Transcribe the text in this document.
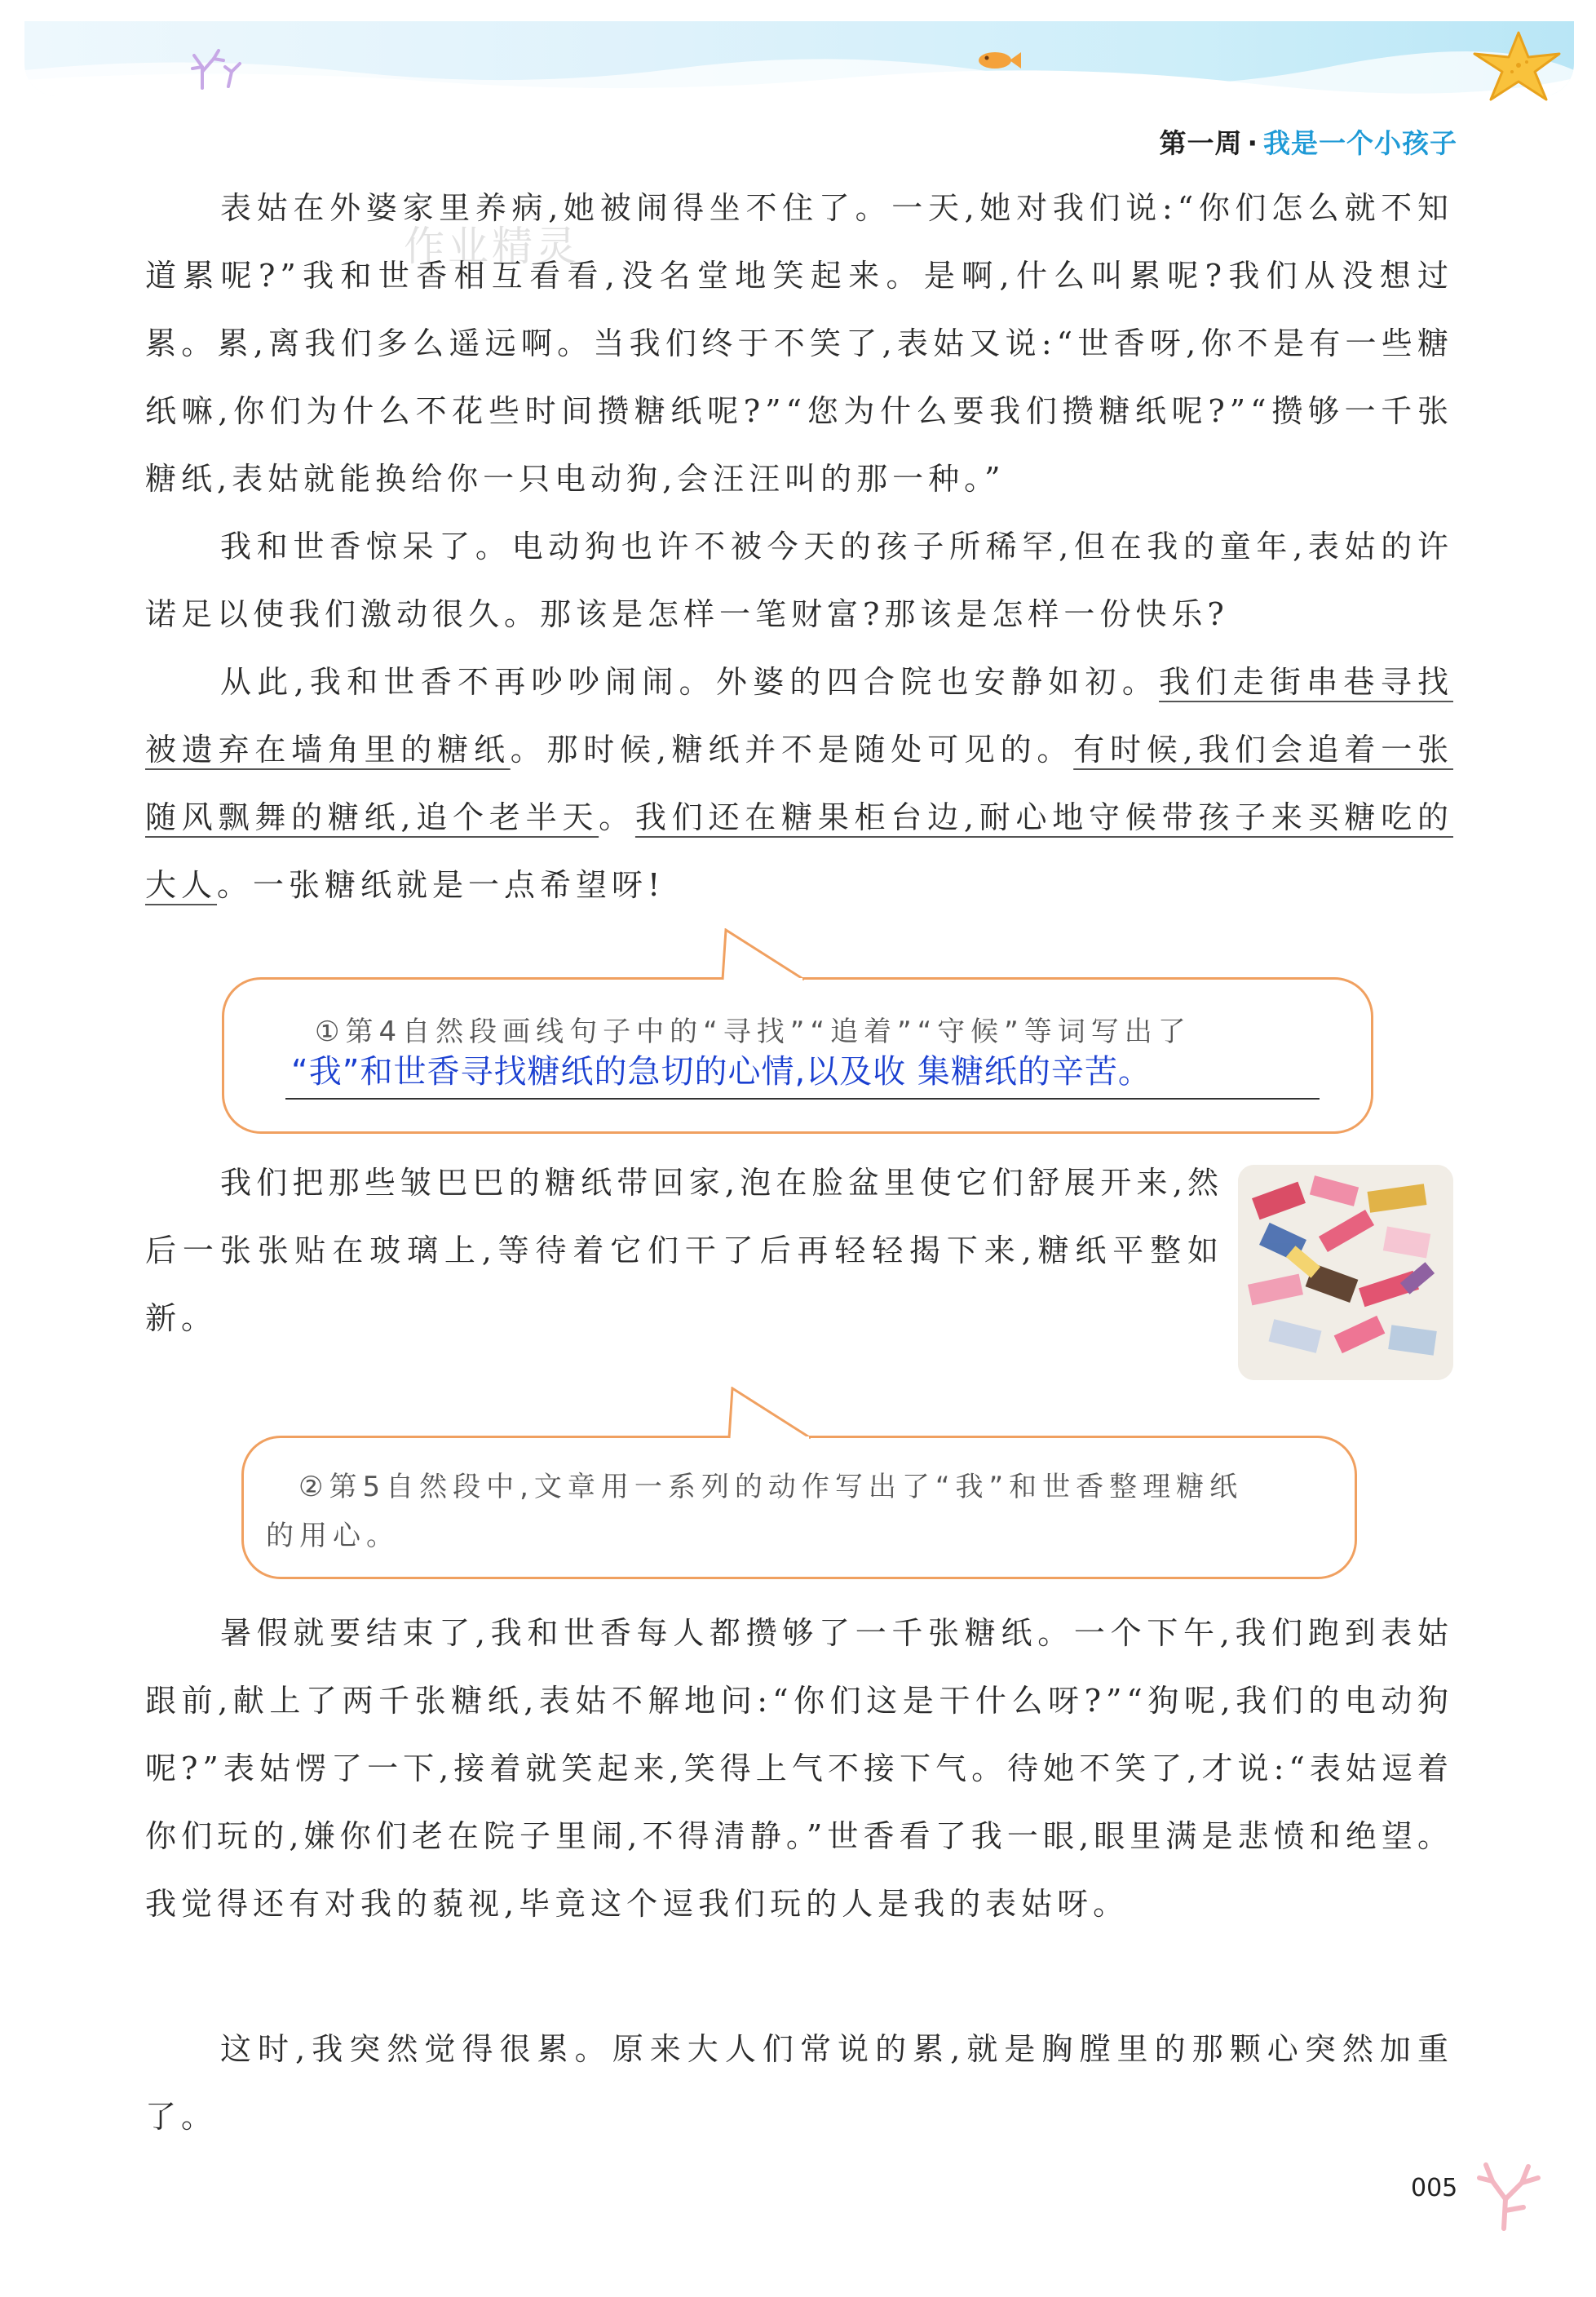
第一周 · 我是一个小孩子
作业精灵

表姑在外婆家里养病,她被闹得坐不住了。一天,她对我们说:“你们怎么就不知道累呢?”我和世香相互看看,没名堂地笑起来。是啊,什么叫累呢?我们从没想过累。累,离我们多么遥远啊。当我们终于不笑了,表姑又说:“世香呀,你不是有一些糖纸嘛,你们为什么不花些时间攒糖纸呢?”“您为什么要我们攒糖纸呢?”“攒够一千张糖纸,表姑就能换给你一只电动狗,会汪汪叫的那一种。”

我和世香惊呆了。电动狗也许不被今天的孩子所稀罕,但在我的童年,表姑的许诺足以使我们激动很久。那该是怎样一笔财富?那该是怎样一份快乐?

从此,我和世香不再吵吵闹闹。外婆的四合院也安静如初。我们走街串巷寻找被遗弃在墙角里的糖纸。那时候,糖纸并不是随处可见的。有时候,我们会追着一张随风飘舞的糖纸,追个老半天。我们还在糖果柜台边,耐心地守候带孩子来买糖吃的大人。一张糖纸就是一点希望呀!

①第4自然段画线句子中的“寻找”“追着”“守候”等词写出了
“我”和世香寻找糖纸的急切的心情,以及收 集糖纸的辛苦。

我们把那些皱巴巴的糖纸带回家,泡在脸盆里使它们舒展开来,然后一张张贴在玻璃上,等待着它们干了后再轻轻揭下来,糖纸平整如新。

②第5自然段中,文章用一系列的动作写出了“我”和世香整理糖纸
的用心。

暑假就要结束了,我和世香每人都攒够了一千张糖纸。一个下午,我们跑到表姑跟前,献上了两千张糖纸,表姑不解地问:“你们这是干什么呀?”“狗呢,我们的电动狗呢?”表姑愣了一下,接着就笑起来,笑得上气不接下气。待她不笑了,才说:“表姑逗着你们玩的,嫌你们老在院子里闹,不得清静。”世香看了我一眼,眼里满是悲愤和绝望。我觉得还有对我的藐视,毕竟这个逗我们玩的人是我的表姑呀。

这时,我突然觉得很累。原来大人们常说的累,就是胸膛里的那颗心突然加重了。

005
